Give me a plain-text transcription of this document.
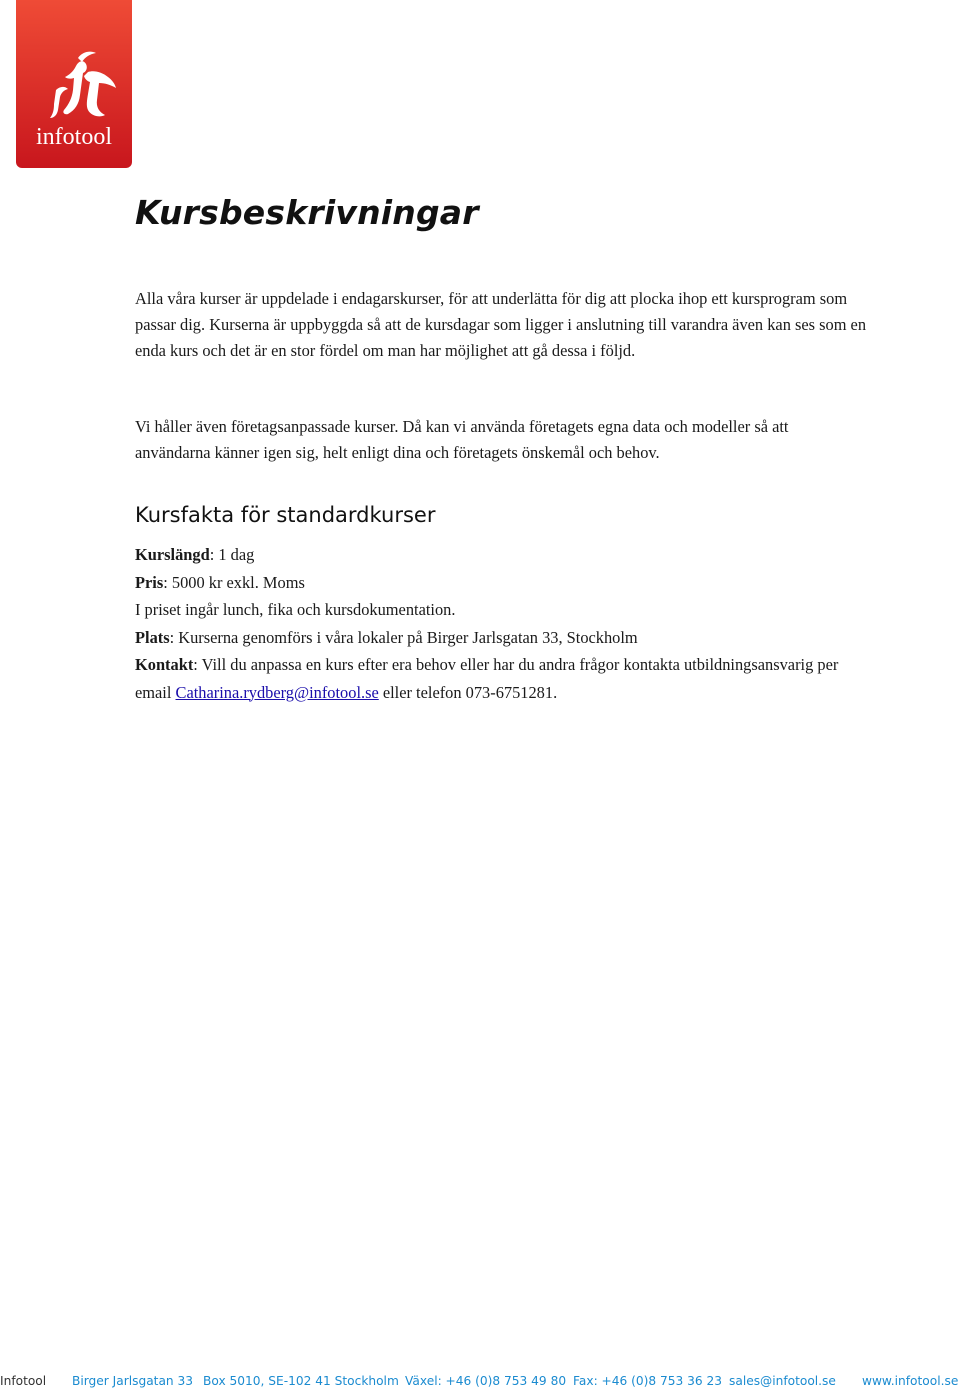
infotool
Kursbeskrivningar

Alla våra kurser är uppdelade i endagarskurser, för att underlätta för dig att plocka ihop ett kursprogram som passar dig. Kurserna är uppbyggda så att de kursdagar som ligger i anslutning till varandra även kan ses som en enda kurs och det är en stor fördel om man har möjlighet att gå dessa i följd.

Vi håller även företagsanpassade kurser. Då kan vi använda företagets egna data och modeller så att användarna känner igen sig, helt enligt dina och företagets önskemål och behov.

Kursfakta för standardkurser
Kurslängd: 1 dag
Pris: 5000 kr exkl. Moms
I priset ingår lunch, fika och kursdokumentation.
Plats: Kurserna genomförs i våra lokaler på Birger Jarlsgatan 33, Stockholm
Kontakt: Vill du anpassa en kurs efter era behov eller har du andra frågor kontakta utbildningsansvarig per email Catharina.rydberg@infotool.se eller telefon 073-6751281.
Infotool Birger Jarlsgatan 33 Box 5010, SE-102 41 Stockholm Växel: +46 (0)8 753 49 80 Fax: +46 (0)8 753 36 23 sales@infotool.se www.infotool.se
